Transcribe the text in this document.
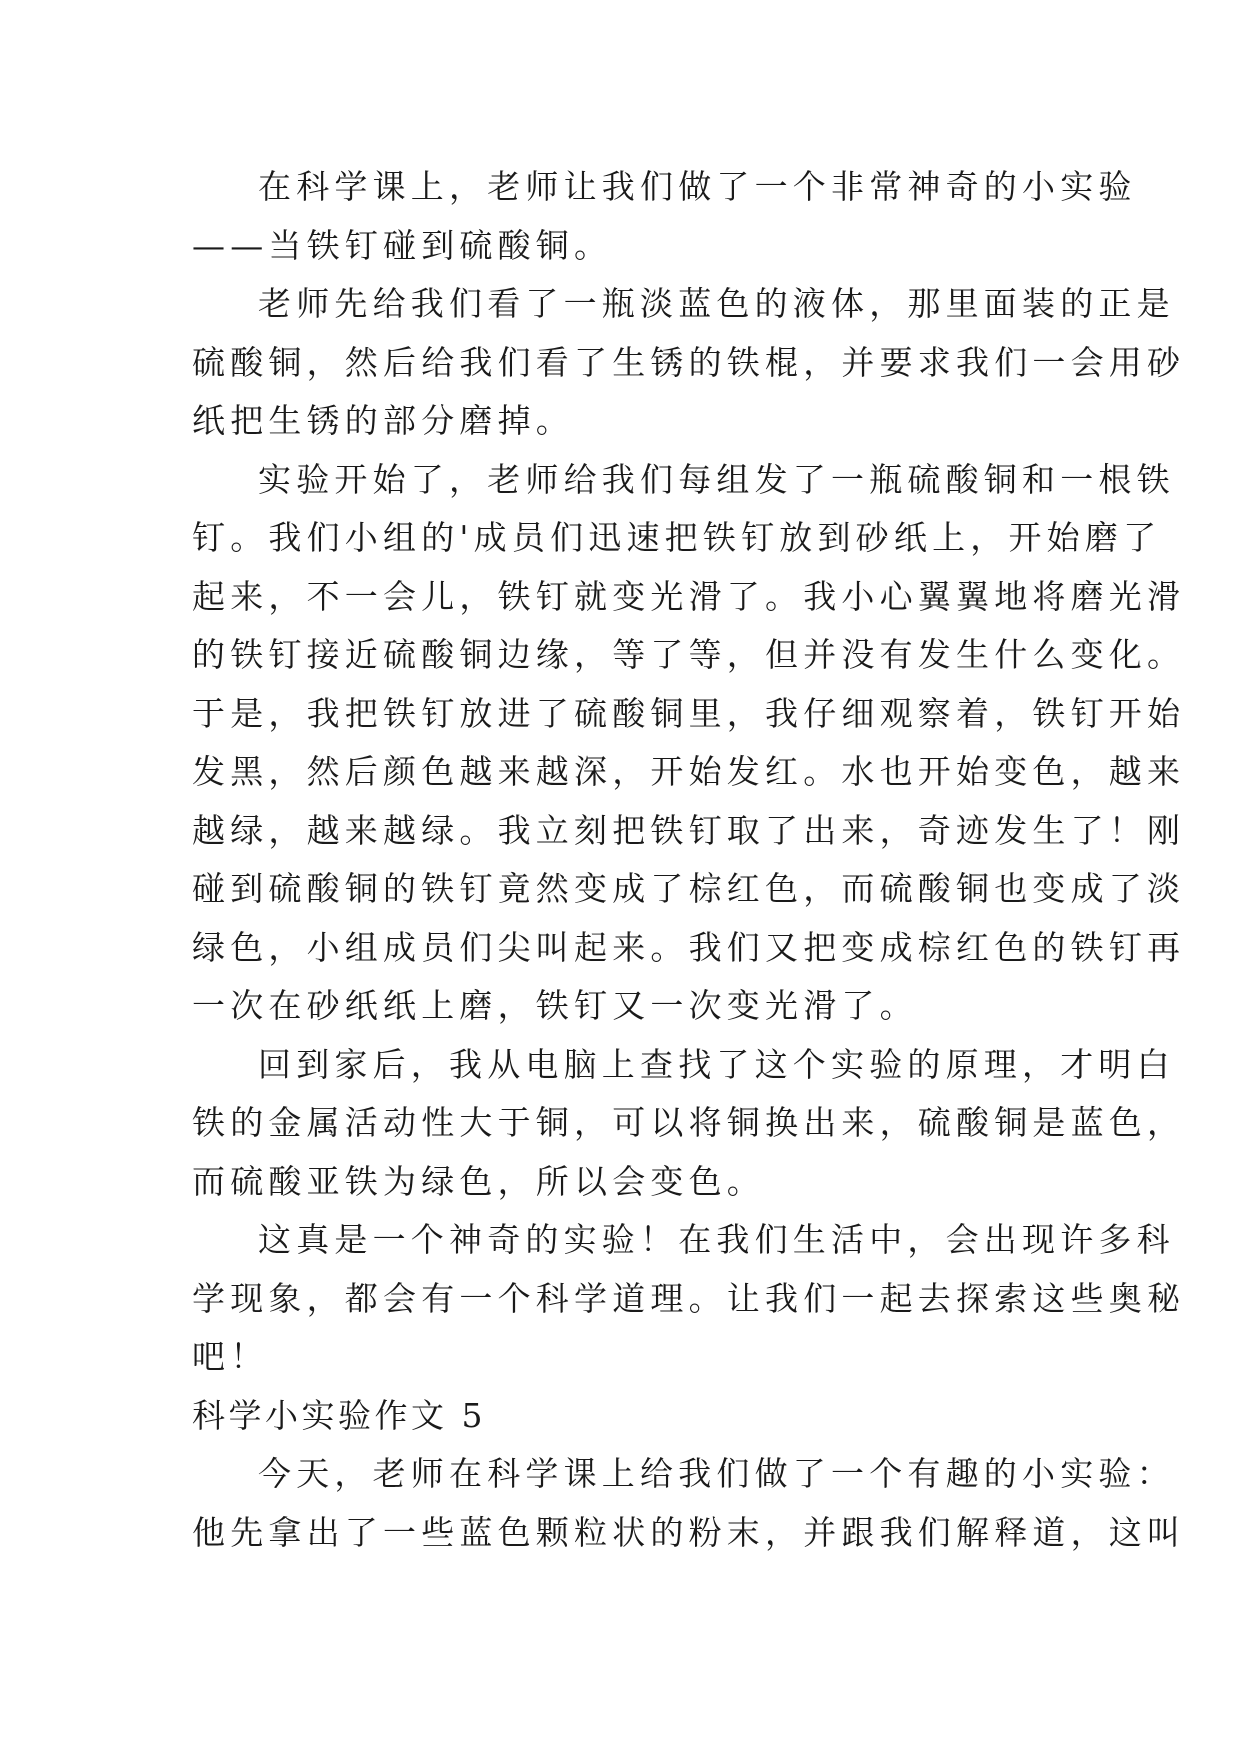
在科学课上，老师让我们做了一个非常神奇的小实验
——当铁钉碰到硫酸铜。
老师先给我们看了一瓶淡蓝色的液体，那里面装的正是
硫酸铜，然后给我们看了生锈的铁棍，并要求我们一会用砂
纸把生锈的部分磨掉。
实验开始了，老师给我们每组发了一瓶硫酸铜和一根铁
钉。我们小组的'成员们迅速把铁钉放到砂纸上，开始磨了
起来，不一会儿，铁钉就变光滑了。我小心翼翼地将磨光滑
的铁钉接近硫酸铜边缘，等了等，但并没有发生什么变化。
于是，我把铁钉放进了硫酸铜里，我仔细观察着，铁钉开始
发黑，然后颜色越来越深，开始发红。水也开始变色，越来
越绿，越来越绿。我立刻把铁钉取了出来，奇迹发生了！刚
碰到硫酸铜的铁钉竟然变成了棕红色，而硫酸铜也变成了淡
绿色，小组成员们尖叫起来。我们又把变成棕红色的铁钉再
一次在砂纸纸上磨，铁钉又一次变光滑了。
回到家后，我从电脑上查找了这个实验的原理，才明白
铁的金属活动性大于铜，可以将铜换出来，硫酸铜是蓝色，
而硫酸亚铁为绿色，所以会变色。
这真是一个神奇的实验！在我们生活中，会出现许多科
学现象，都会有一个科学道理。让我们一起去探索这些奥秘
吧！
科学小实验作文 5
今天，老师在科学课上给我们做了一个有趣的小实验：
他先拿出了一些蓝色颗粒状的粉末，并跟我们解释道，这叫
